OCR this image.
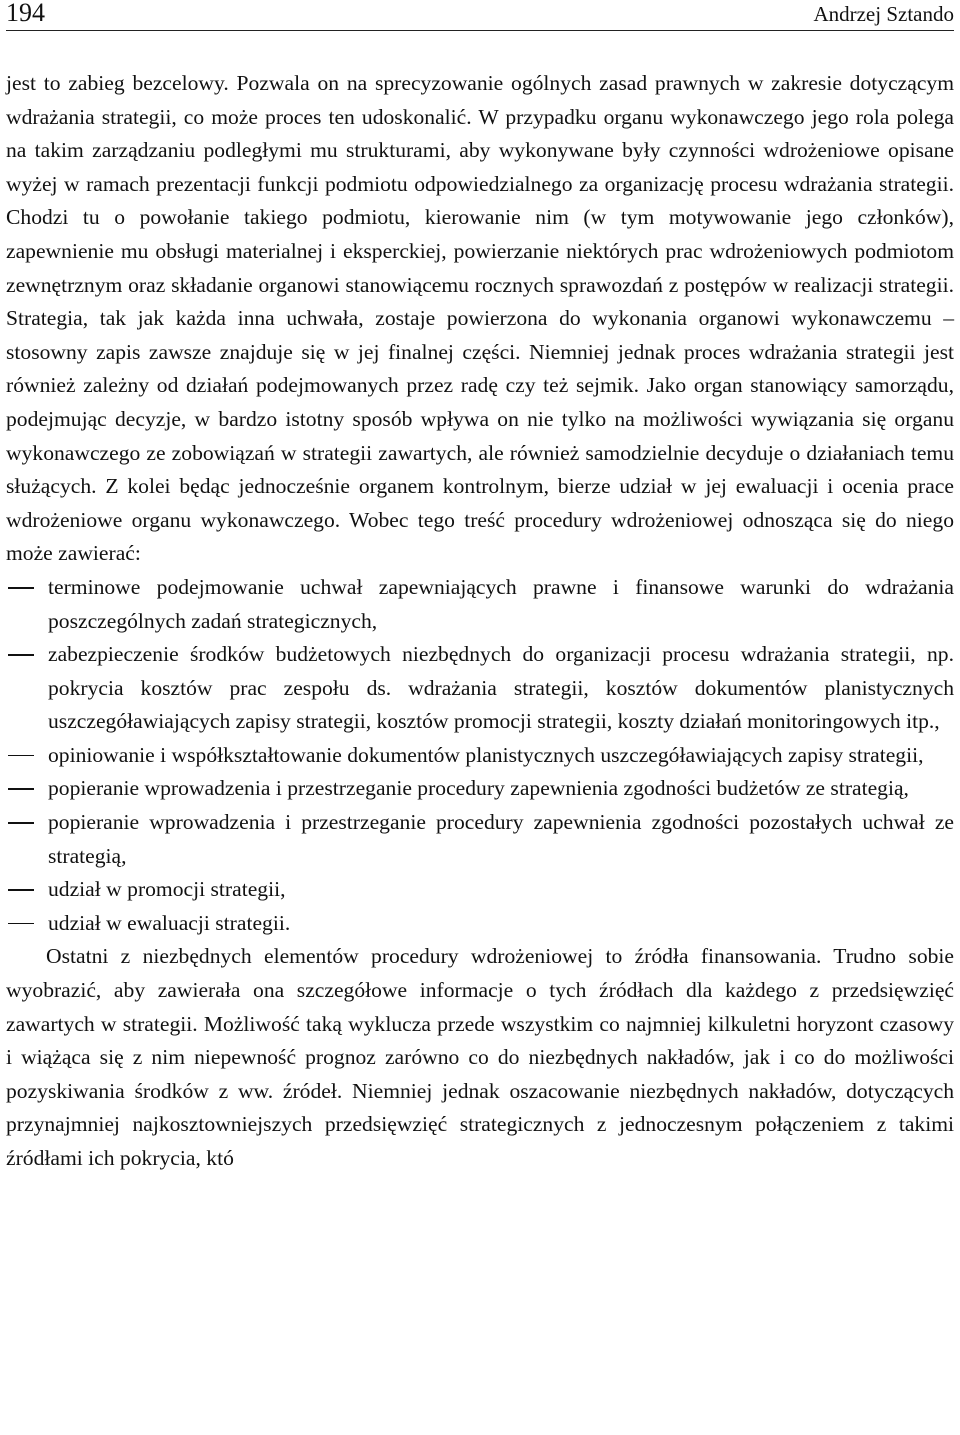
194	Andrzej Sztando

jest to zabieg bezcelowy. Pozwala on na sprecyzowanie ogólnych zasad prawnych w zakresie dotyczącym wdrażania strategii, co może proces ten udoskonalić. W przypadku organu wykonawczego jego rola polega na takim zarządzaniu podległymi mu strukturami, aby wykonywane były czynności wdrożeniowe opisane wyżej w ramach prezentacji funkcji podmiotu odpowiedzialnego za organizację procesu wdrażania strategii. Chodzi tu o powołanie takiego podmiotu, kierowanie nim (w tym motywowanie jego członków), zapewnienie mu obsługi materialnej i eksperckiej, powierzanie niektórych prac wdrożeniowych podmiotom zewnętrznym oraz składanie organowi stanowiącemu rocznych sprawozdań z postępów w realizacji strategii. Strategia, tak jak każda inna uchwała, zostaje powierzona do wykonania organowi wykonawczemu – stosowny zapis zawsze znajduje się w jej finalnej części. Niemniej jednak proces wdrażania strategii jest również zależny od działań podejmowanych przez radę czy też sejmik. Jako organ stanowiący samorządu, podejmując decyzje, w bardzo istotny sposób wpływa on nie tylko na możliwości wywiązania się organu wykonawczego ze zobowiązań w strategii zawartych, ale również samodzielnie decyduje o działaniach temu służących. Z kolei będąc jednocześnie organem kontrolnym, bierze udział w jej ewaluacji i ocenia prace wdrożeniowe organu wykonawczego. Wobec tego treść procedury wdrożeniowej odnosząca się do niego może zawierać:

terminowe podejmowanie uchwał zapewniających prawne i finansowe warunki do wdrażania poszczególnych zadań strategicznych,
zabezpieczenie środków budżetowych niezbędnych do organizacji procesu wdrażania strategii, np. pokrycia kosztów prac zespołu ds. wdrażania strategii, kosztów dokumentów planistycznych uszczegóławiających zapisy strategii, kosztów promocji strategii, koszty działań monitoringowych itp.,
opiniowanie i współkształtowanie dokumentów planistycznych uszczegóławiających zapisy strategii,
popieranie wprowadzenia i przestrzeganie procedury zapewnienia zgodności budżetów ze strategią,
popieranie wprowadzenia i przestrzeganie procedury zapewnienia zgodności pozostałych uchwał ze strategią,
udział w promocji strategii,
udział w ewaluacji strategii.

Ostatni z niezbędnych elementów procedury wdrożeniowej to źródła finansowania. Trudno sobie wyobrazić, aby zawierała ona szczegółowe informacje o tych źródłach dla każdego z przedsięwzięć zawartych w strategii. Możliwość taką wyklucza przede wszystkim co najmniej kilkuletni horyzont czasowy i wiążąca się z nim niepewność prognoz zarówno co do niezbędnych nakładów, jak i co do możliwości pozyskiwania środków z ww. źródeł. Niemniej jednak oszacowanie niezbędnych nakładów, dotyczących przynajmniej najkosztowniejszych przedsięwzięć strategicznych z jednoczesnym połączeniem z takimi źródłami ich pokrycia, któ
